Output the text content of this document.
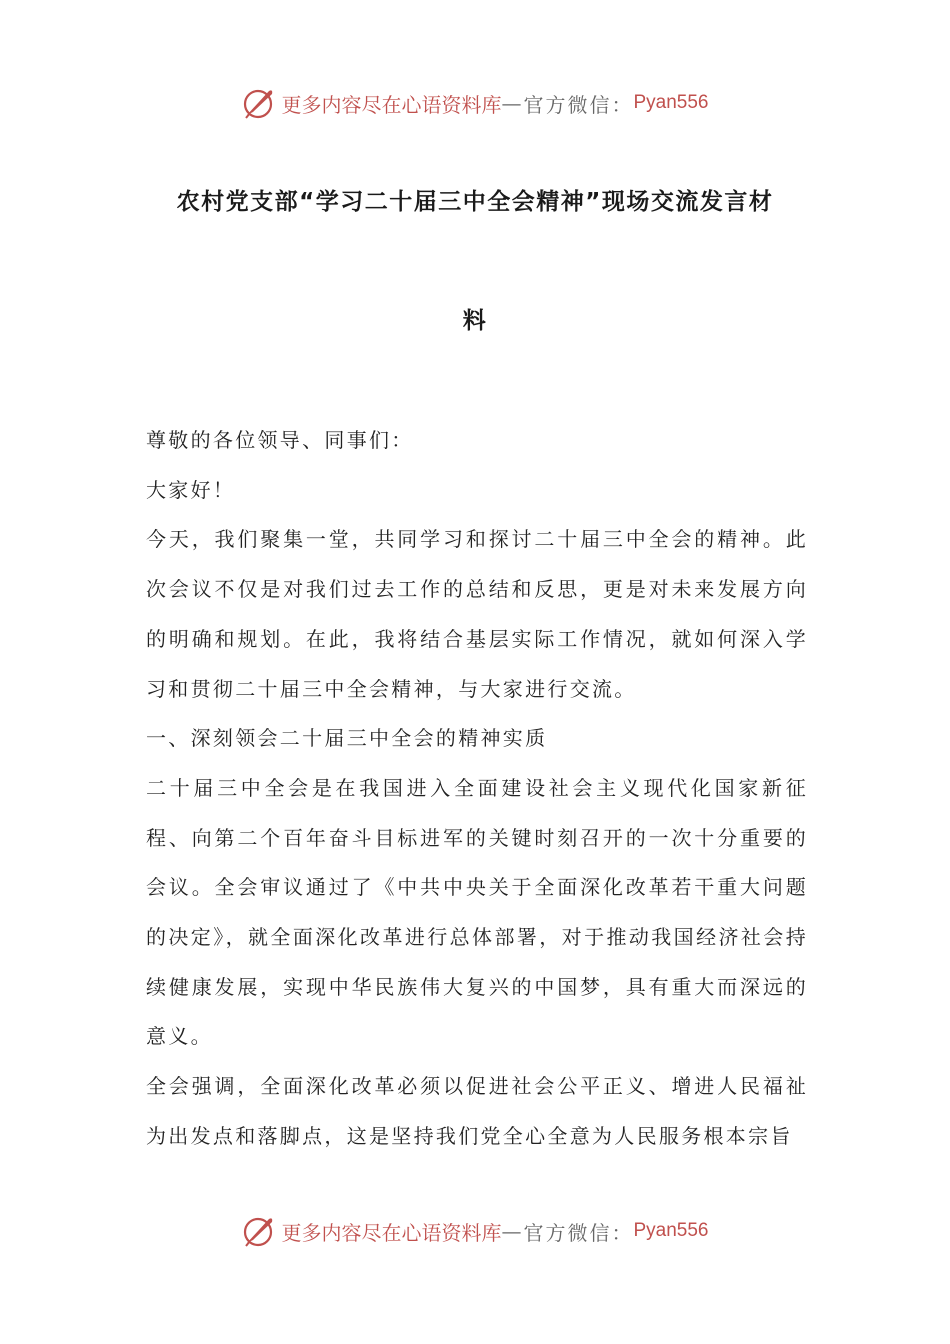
更多内容尽在心语资料库 — 官方微信： Pyan556
农村党支部“学习二十届三中全会精神”现场交流发言材
料

尊敬的各位领导、同事们：

大家好！

今天，我们聚集一堂，共同学习和探讨二十届三中全会的精神。此次会议不仅是对我们过去工作的总结和反思，更是对未来发展方向的明确和规划。在此，我将结合基层实际工作情况，就如何深入学习和贯彻二十届三中全会精神，与大家进行交流。

一、深刻领会二十届三中全会的精神实质

二十届三中全会是在我国进入全面建设社会主义现代化国家新征程、向第二个百年奋斗目标进军的关键时刻召开的一次十分重要的会议。全会审议通过了《中共中央关于全面深化改革若干重大问题的决定》，就全面深化改革进行总体部署，对于推动我国经济社会持续健康发展，实现中华民族伟大复兴的中国梦，具有重大而深远的意义。

全会强调，全面深化改革必须以促进社会公平正义、增进人民福祉为出发点和落脚点，这是坚持我们党全心全意为人民服务根本宗旨

更多内容尽在心语资料库 — 官方微信： Pyan556
